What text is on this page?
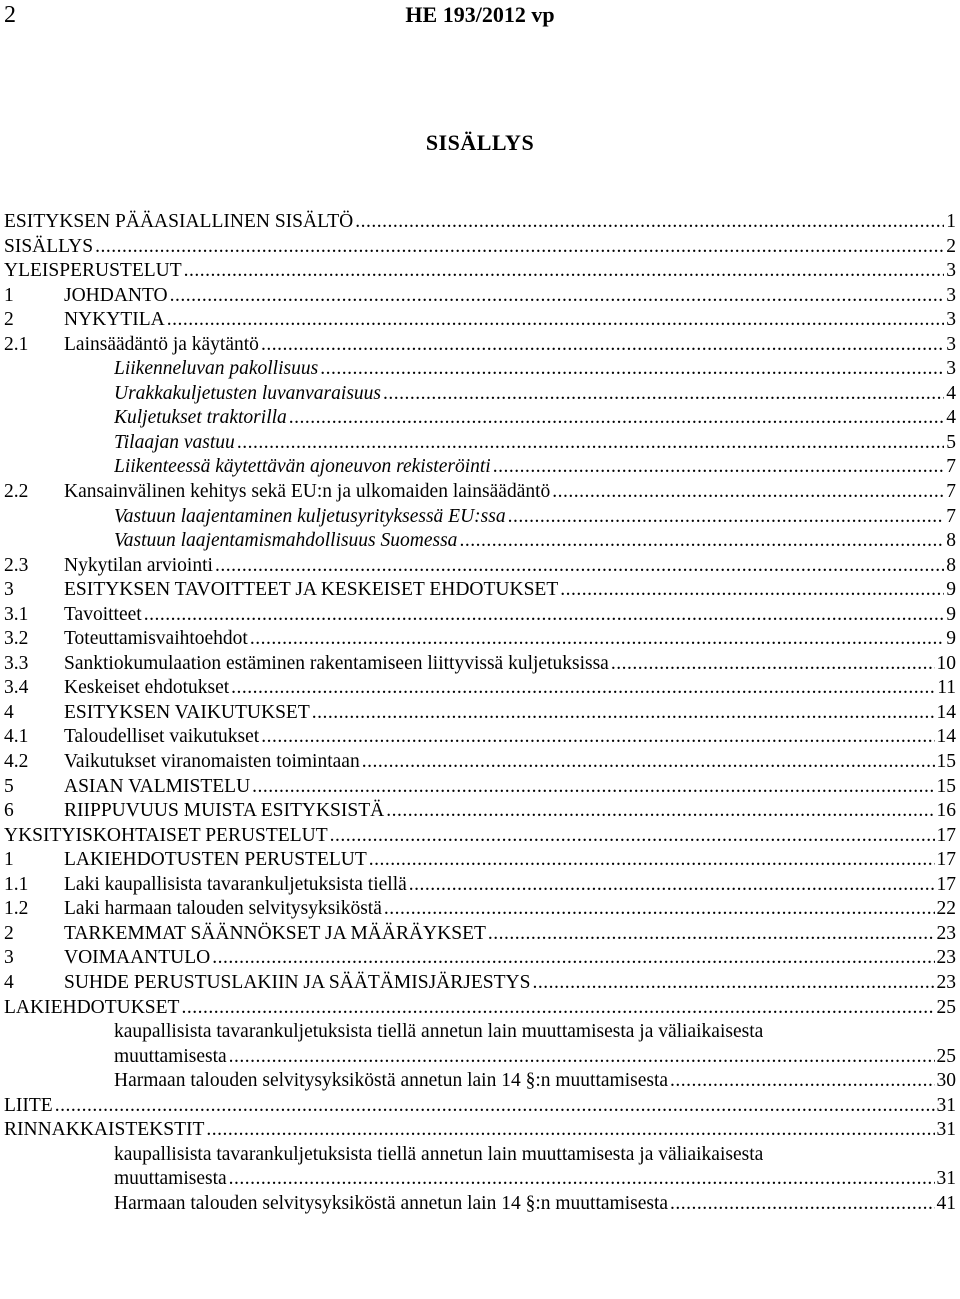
2	HE 193/2012 vp
SISÄLLYS
ESITYKSEN PÄÄASIALLINEN SISÄLTÖ .....	1
SISÄLLYS .....	2
YLEISPERUSTELUT .....	3
1	JOHDANTO .....	3
2	NYKYTILA .....	3
2.1 Lainsäädäntö ja käytäntö .....	3
Liikenneluvan pakollisuus .....	3
Urakkakuljetusten luvanvaraisuus .....	4
Kuljetukset traktorilla .....	4
Tilaajan vastuu .....	5
Liikenteessä käytettävän ajoneuvon rekisteröinti .....	7
2.2 Kansainvälinen kehitys sekä EU:n ja ulkomaiden lainsäädäntö .....	7
Vastuun laajentaminen kuljetusyrityksessä EU:ssa .....	7
Vastuun laajentamismahdollisuus Suomessa .....	8
2.3 Nykytilan arviointi .....	8
3	ESITYKSEN TAVOITTEET JA KESKEISET EHDOTUKSET .....	9
3.1 Tavoitteet .....	9
3.2 Toteuttamisvaihtoehdot .....	9
3.3 Sanktiokumulaation estäminen rakentamiseen liittyvissä kuljetuksissa .....	10
3.4 Keskeiset ehdotukset .....	11
4	ESITYKSEN VAIKUTUKSET .....	14
4.1 Taloudelliset vaikutukset .....	14
4.2 Vaikutukset viranomaisten toimintaan .....	15
5	ASIAN VALMISTELU .....	15
6	RIIPPUVUUS MUISTA ESITYKSISTÄ .....	16
YKSITYISKOHTAISET PERUSTELUT .....	17
1	LAKIEHDOTUSTEN PERUSTELUT .....	17
1.1 Laki kaupallisista tavarankuljetuksista tiellä .....	17
1.2 Laki harmaan talouden selvitysyksiköstä .....	22
2	TARKEMMAT SÄÄNNÖKSET JA MÄÄRÄYKSET .....	23
3	VOIMAANTULO .....	23
4	SUHDE PERUSTUSLAKIIN JA SÄÄTÄMISJÄRJESTYS .....	23
LAKIEHDOTUKSET .....	25
kaupallisista tavarankuljetuksista tiellä annetun lain muuttamisesta ja väliaikaisesta
muuttamisesta .....	25
Harmaan talouden selvitysyksiköstä annetun lain 14 §:n muuttamisesta .....	30
LIITE .....	31
RINNAKKAISTEKSTIT .....	31
kaupallisista tavarankuljetuksista tiellä annetun lain muuttamisesta ja väliaikaisesta
muuttamisesta .....	31
Harmaan talouden selvitysyksiköstä annetun lain 14 §:n muuttamisesta .....	41
